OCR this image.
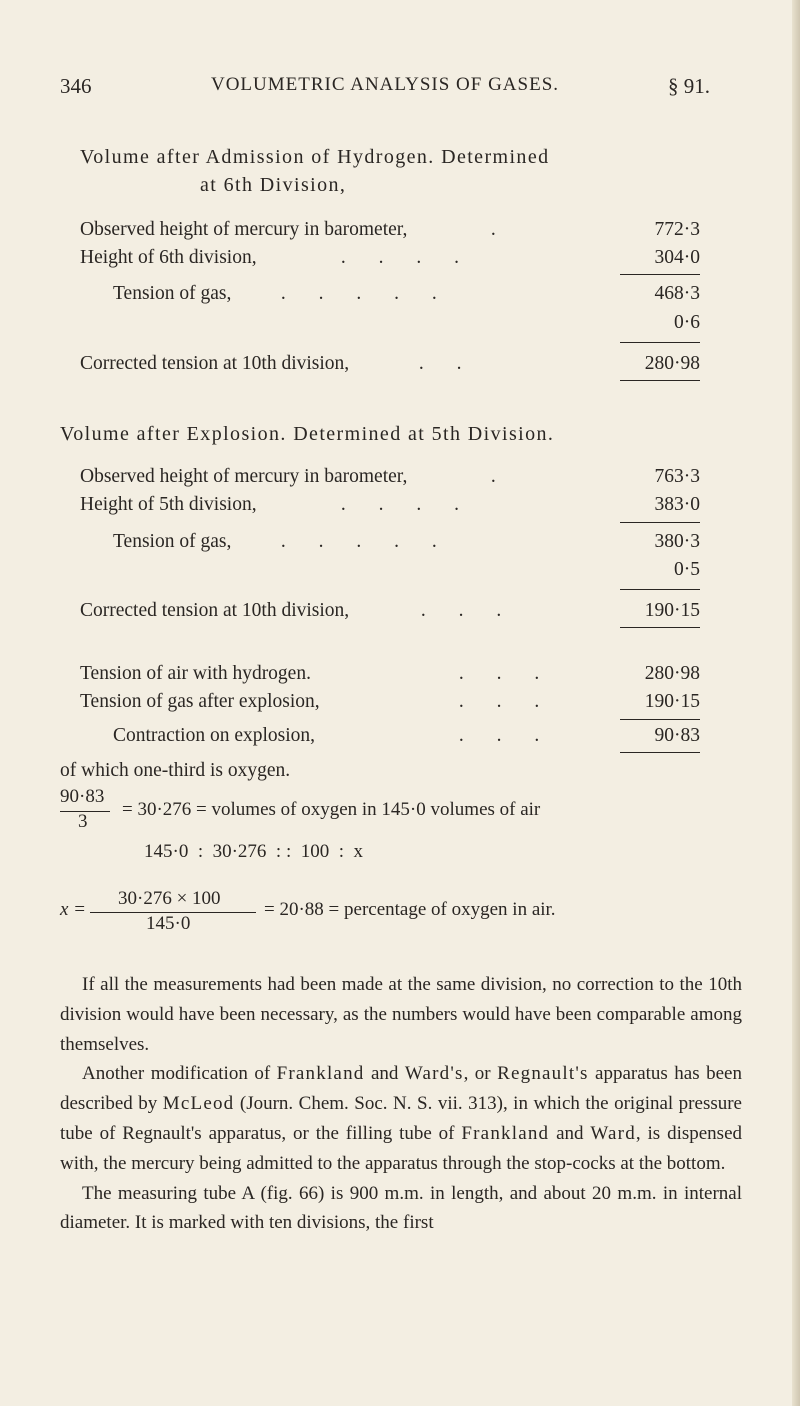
346	VOLUMETRIC ANALYSIS OF GASES.	§ 91.
Volume after Admission of Hydrogen. Determined
at 6th Division,
Observed height of mercury in barometer,	.	772·3
Height of 6th division,	. . . .	304·0
Tension of gas, . . . . .	468·3
0·6
Corrected tension at 10th division,	. .	280·98
Volume after Explosion. Determined at 5th Division.
Observed height of mercury in barometer,	.	763·3
Height of 5th division,	. . . .	383·0
Tension of gas, . . . . .	380·3
0·5
Corrected tension at 10th division,	. . .	190·15
Tension of air with hydrogen.	. . .	280·98
Tension of gas after explosion,	. . .	190·15
Contraction on explosion,	. . .	90·83
of which one-third is oxygen.
90·83
3
= 30·276 = volumes of oxygen in 145·0 volumes of air
145·0  :  30·276  : :  100  :  x
30·276 × 100
x =
145·0
= 20·88 = percentage of oxygen in air.

If all the measurements had been made at the same division, no correction to the 10th division would have been necessary, as the numbers would have been comparable among themselves.

Another modification of Frankland and Ward's, or Regnault's apparatus has been described by McLeod (Journ. Chem. Soc. N. S. vii. 313), in which the original pressure tube of Regnault's apparatus, or the filling tube of Frankland and Ward, is dispensed with, the mercury being admitted to the apparatus through the stop-cocks at the bottom.

The measuring tube A (fig. 66) is 900 m.m. in length, and about 20 m.m. in internal diameter. It is marked with ten divisions, the first
